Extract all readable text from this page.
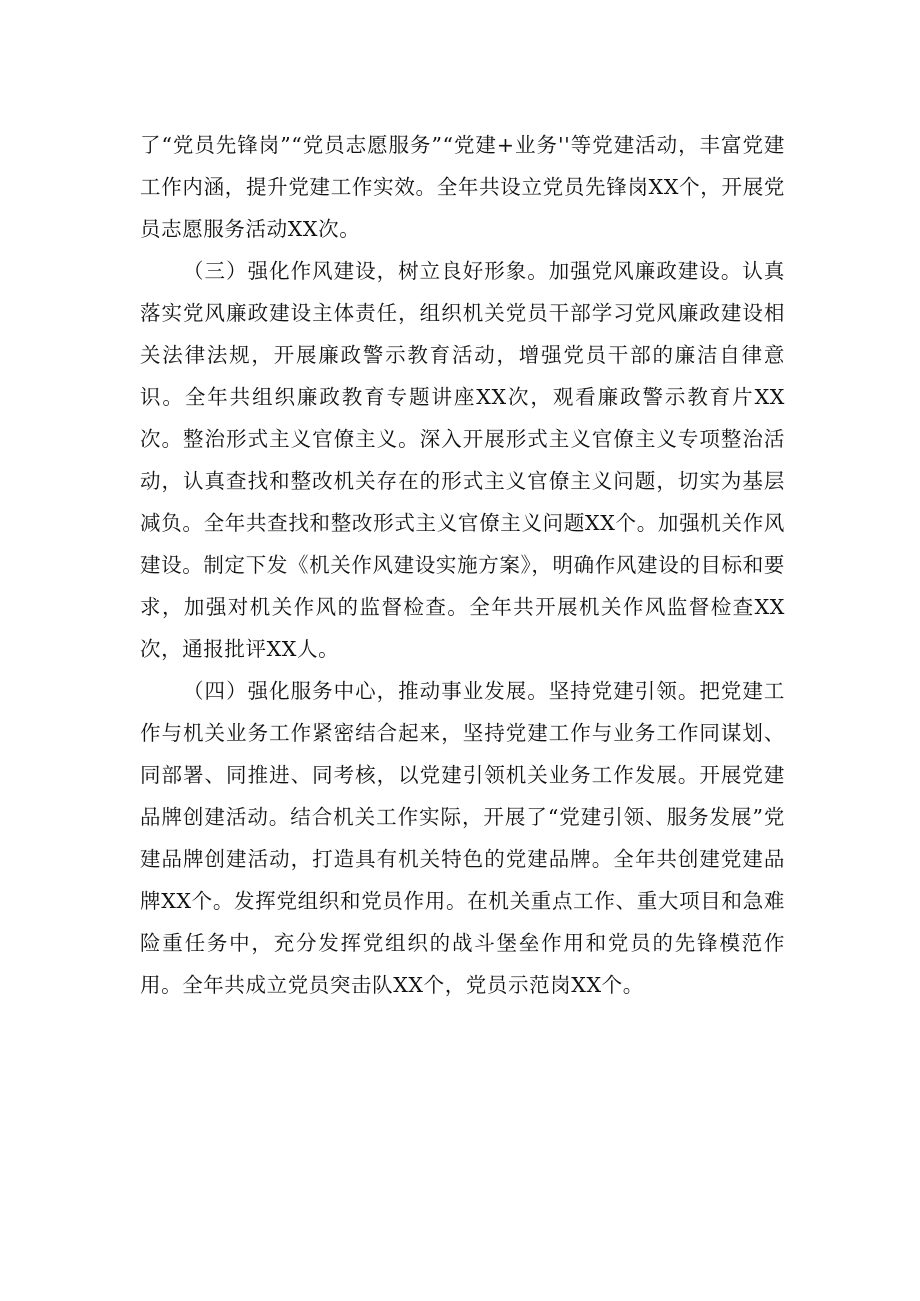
了“党员先锋岗”“党员志愿服务”“党建+业务''等党建活动，丰富党建工作内涵，提升党建工作实效。全年共设立党员先锋岗XX个，开展党员志愿服务活动XX次。

（三）强化作风建设，树立良好形象。加强党风廉政建设。认真落实党风廉政建设主体责任，组织机关党员干部学习党风廉政建设相关法律法规，开展廉政警示教育活动，增强党员干部的廉洁自律意识。全年共组织廉政教育专题讲座XX次，观看廉政警示教育片XX次。整治形式主义官僚主义。深入开展形式主义官僚主义专项整治活动，认真查找和整改机关存在的形式主义官僚主义问题，切实为基层减负。全年共查找和整改形式主义官僚主义问题XX个。加强机关作风建设。制定下发《机关作风建设实施方案》，明确作风建设的目标和要求，加强对机关作风的监督检查。全年共开展机关作风监督检查XX次，通报批评XX人。

（四）强化服务中心，推动事业发展。坚持党建引领。把党建工作与机关业务工作紧密结合起来，坚持党建工作与业务工作同谋划、同部署、同推进、同考核，以党建引领机关业务工作发展。开展党建品牌创建活动。结合机关工作实际，开展了“党建引领、服务发展”党建品牌创建活动，打造具有机关特色的党建品牌。全年共创建党建品牌XX个。发挥党组织和党员作用。在机关重点工作、重大项目和急难险重任务中，充分发挥党组织的战斗堡垒作用和党员的先锋模范作用。全年共成立党员突击队XX个，党员示范岗XX个。
